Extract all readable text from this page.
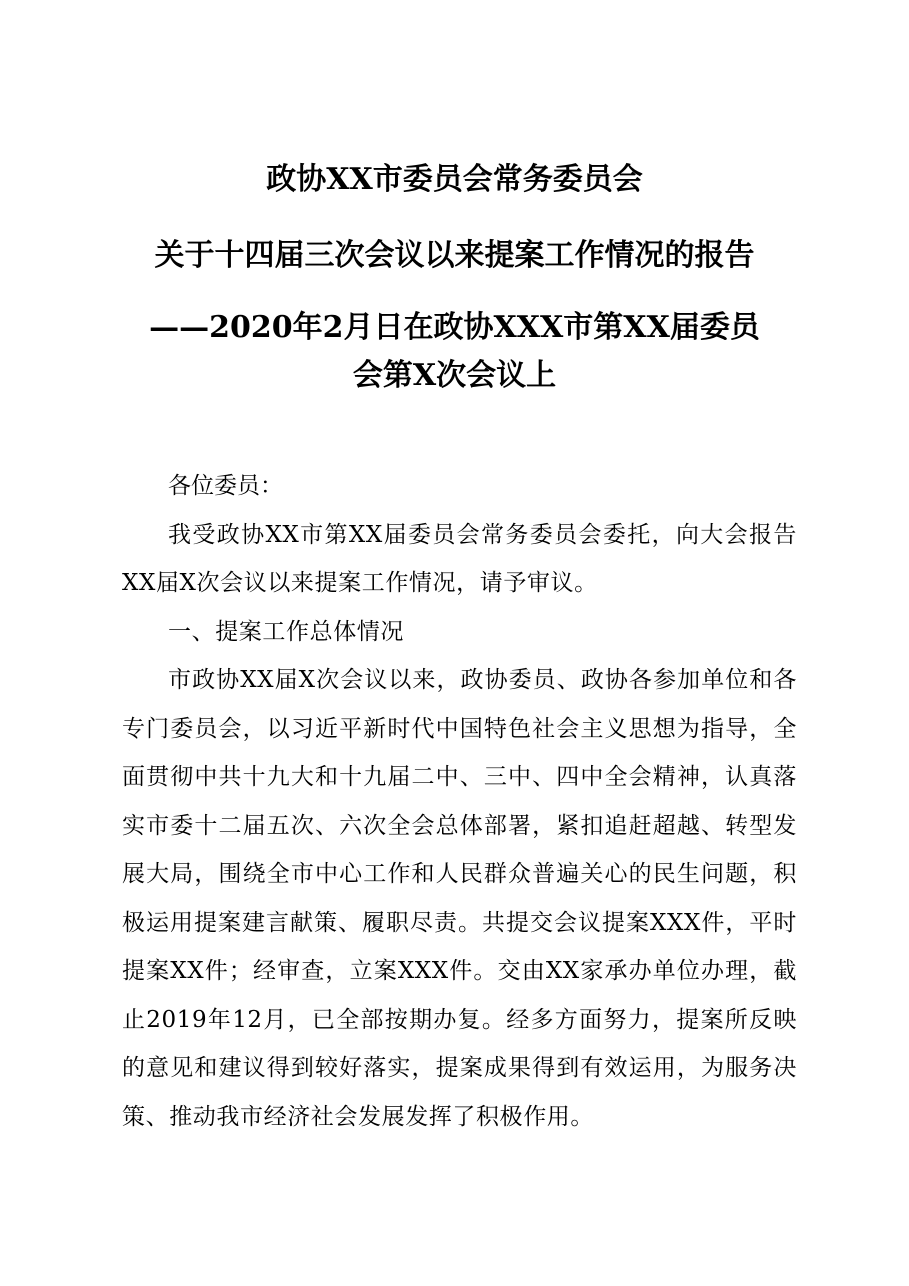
政协XX市委员会常务委员会

关于十四届三次会议以来提案工作情况的报告

——2020年2月日在政协XXX市第XX届委员

会第X次会议上

各位委员：

我受政协XX市第XX届委员会常务委员会委托，向大会报告XX届X次会议以来提案工作情况，请予审议。

一、提案工作总体情况

市政协XX届X次会议以来，政协委员、政协各参加单位和各专门委员会，以习近平新时代中国特色社会主义思想为指导，全面贯彻中共十九大和十九届二中、三中、四中全会精神，认真落实市委十二届五次、六次全会总体部署，紧扣追赶超越、转型发展大局，围绕全市中心工作和人民群众普遍关心的民生问题，积极运用提案建言献策、履职尽责。共提交会议提案XXX件，平时提案XX件；经审查，立案XXX件。交由XX家承办单位办理，截止2019年12月，已全部按期办复。经多方面努力，提案所反映的意见和建议得到较好落实，提案成果得到有效运用，为服务决策、推动我市经济社会发展发挥了积极作用。
